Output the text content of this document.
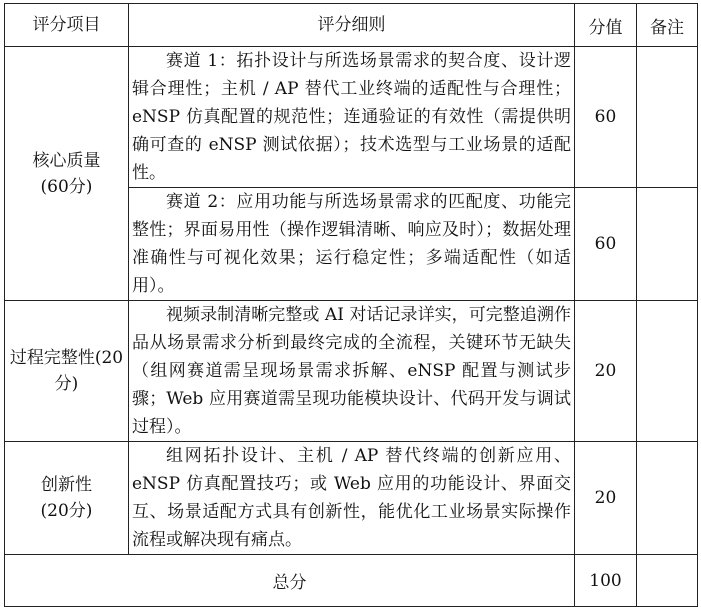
评分项目	评分细则	分值	备注
核心质量
(60分)	赛道 1：拓扑设计与所选场景需求的契合度、设计逻辑合理性；主机 / AP 替代工业终端的适配性与合理性；eNSP 仿真配置的规范性；连通验证的有效性（需提供明确可查的 eNSP 测试依据）；技术选型与工业场景的适配性。	60	

	赛道 2：应用功能与所选场景需求的匹配度、功能完整性；界面易用性（操作逻辑清晰、响应及时）；数据处理准确性与可视化效果；运行稳定性；多端适配性（如适用）。	60	
过程完整性(20
分)	视频录制清晰完整或 AI 对话记录详实，可完整追溯作品从场景需求分析到最终完成的全流程，关键环节无缺失（组网赛道需呈现场景需求拆解、eNSP 配置与测试步骤；Web 应用赛道需呈现功能模块设计、代码开发与调试过程）。	20	
创新性
(20分)	组网拓扑设计、主机 / AP 替代终端的创新应用、eNSP 仿真配置技巧；或 Web 应用的功能设计、界面交互、场景适配方式具有创新性，能优化工业场景实际操作流程或解决现有痛点。	20	
总分		100	
